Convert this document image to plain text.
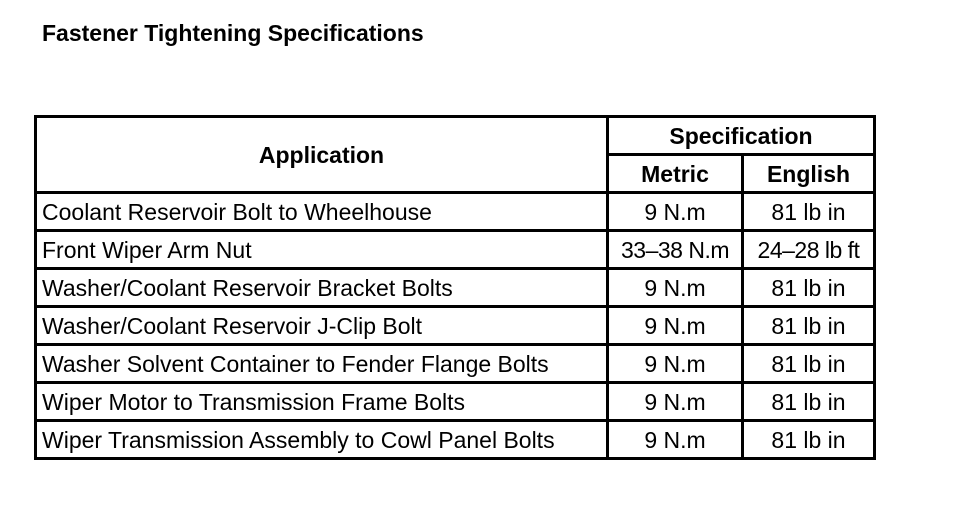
Fastener Tightening Specifications
Application	Specification	
	Metric	English
Coolant Reservoir Bolt to Wheelhouse	9 N.m	81 lb in
Front Wiper Arm Nut	33–38 N.m	24–28 lb ft
Washer/Coolant Reservoir Bracket Bolts	9 N.m	81 lb in
Washer/Coolant Reservoir J-Clip Bolt	9 N.m	81 lb in
Washer Solvent Container to Fender Flange Bolts	9 N.m	81 lb in
Wiper Motor to Transmission Frame Bolts	9 N.m	81 lb in
Wiper Transmission Assembly to Cowl Panel Bolts	9 N.m	81 lb in
